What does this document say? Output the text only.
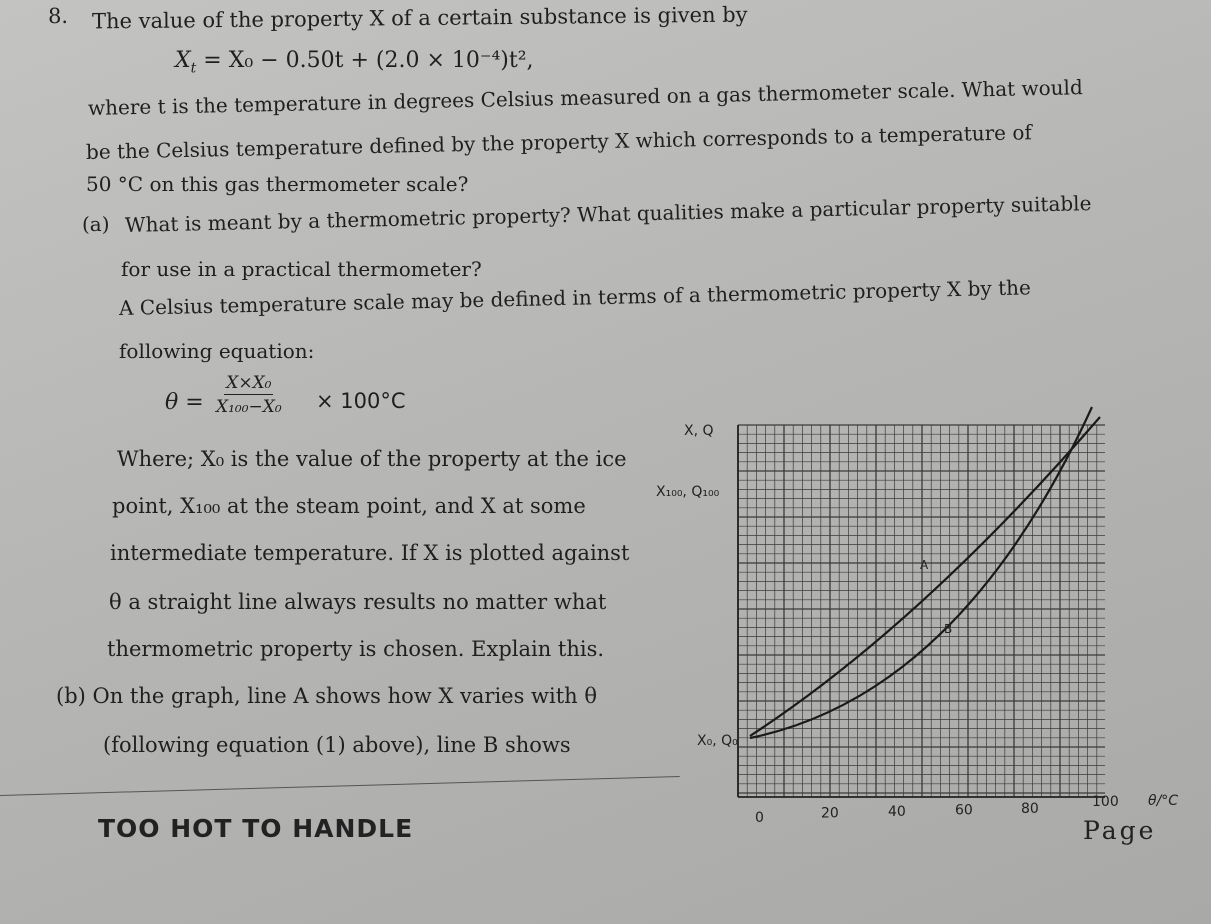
8. The value of the property X of a certain substance is given by
$X_t = X_0 - 0.50t + (2.0 \times 10^{-4})t^2$,
where t is the temperature in degrees Celsius measured on a gas thermometer scale. What would
be the Celsius temperature defined by the property X which corresponds to a temperature of
50 °C on this gas thermometer scale?
(a) What is meant by a thermometric property? What qualities make a particular property suitable
for use in a practical thermometer?
A Celsius temperature scale may be defined in terms of a thermometric property X by the
following equation:
$\theta = \frac{\text{X×X₀}}{\text{X₁₀₀−X₀}} \times 100^\circ C$
Where; X₀ is the value of the property at the ice
point, X₁₀₀ at the steam point, and X at some
intermediate temperature. If X is plotted against
θ a straight line always results no matter what
thermometric property is chosen. Explain this.
(b) On the graph, line A shows how X varies with θ
(following equation (1) above), line B shows
X, Q
X₁₀₀, Q₁₀₀
X₀, Q₀
A
B
0	20	40	60	80	100 θ/°C
TOO HOT TO HANDLE	Page
